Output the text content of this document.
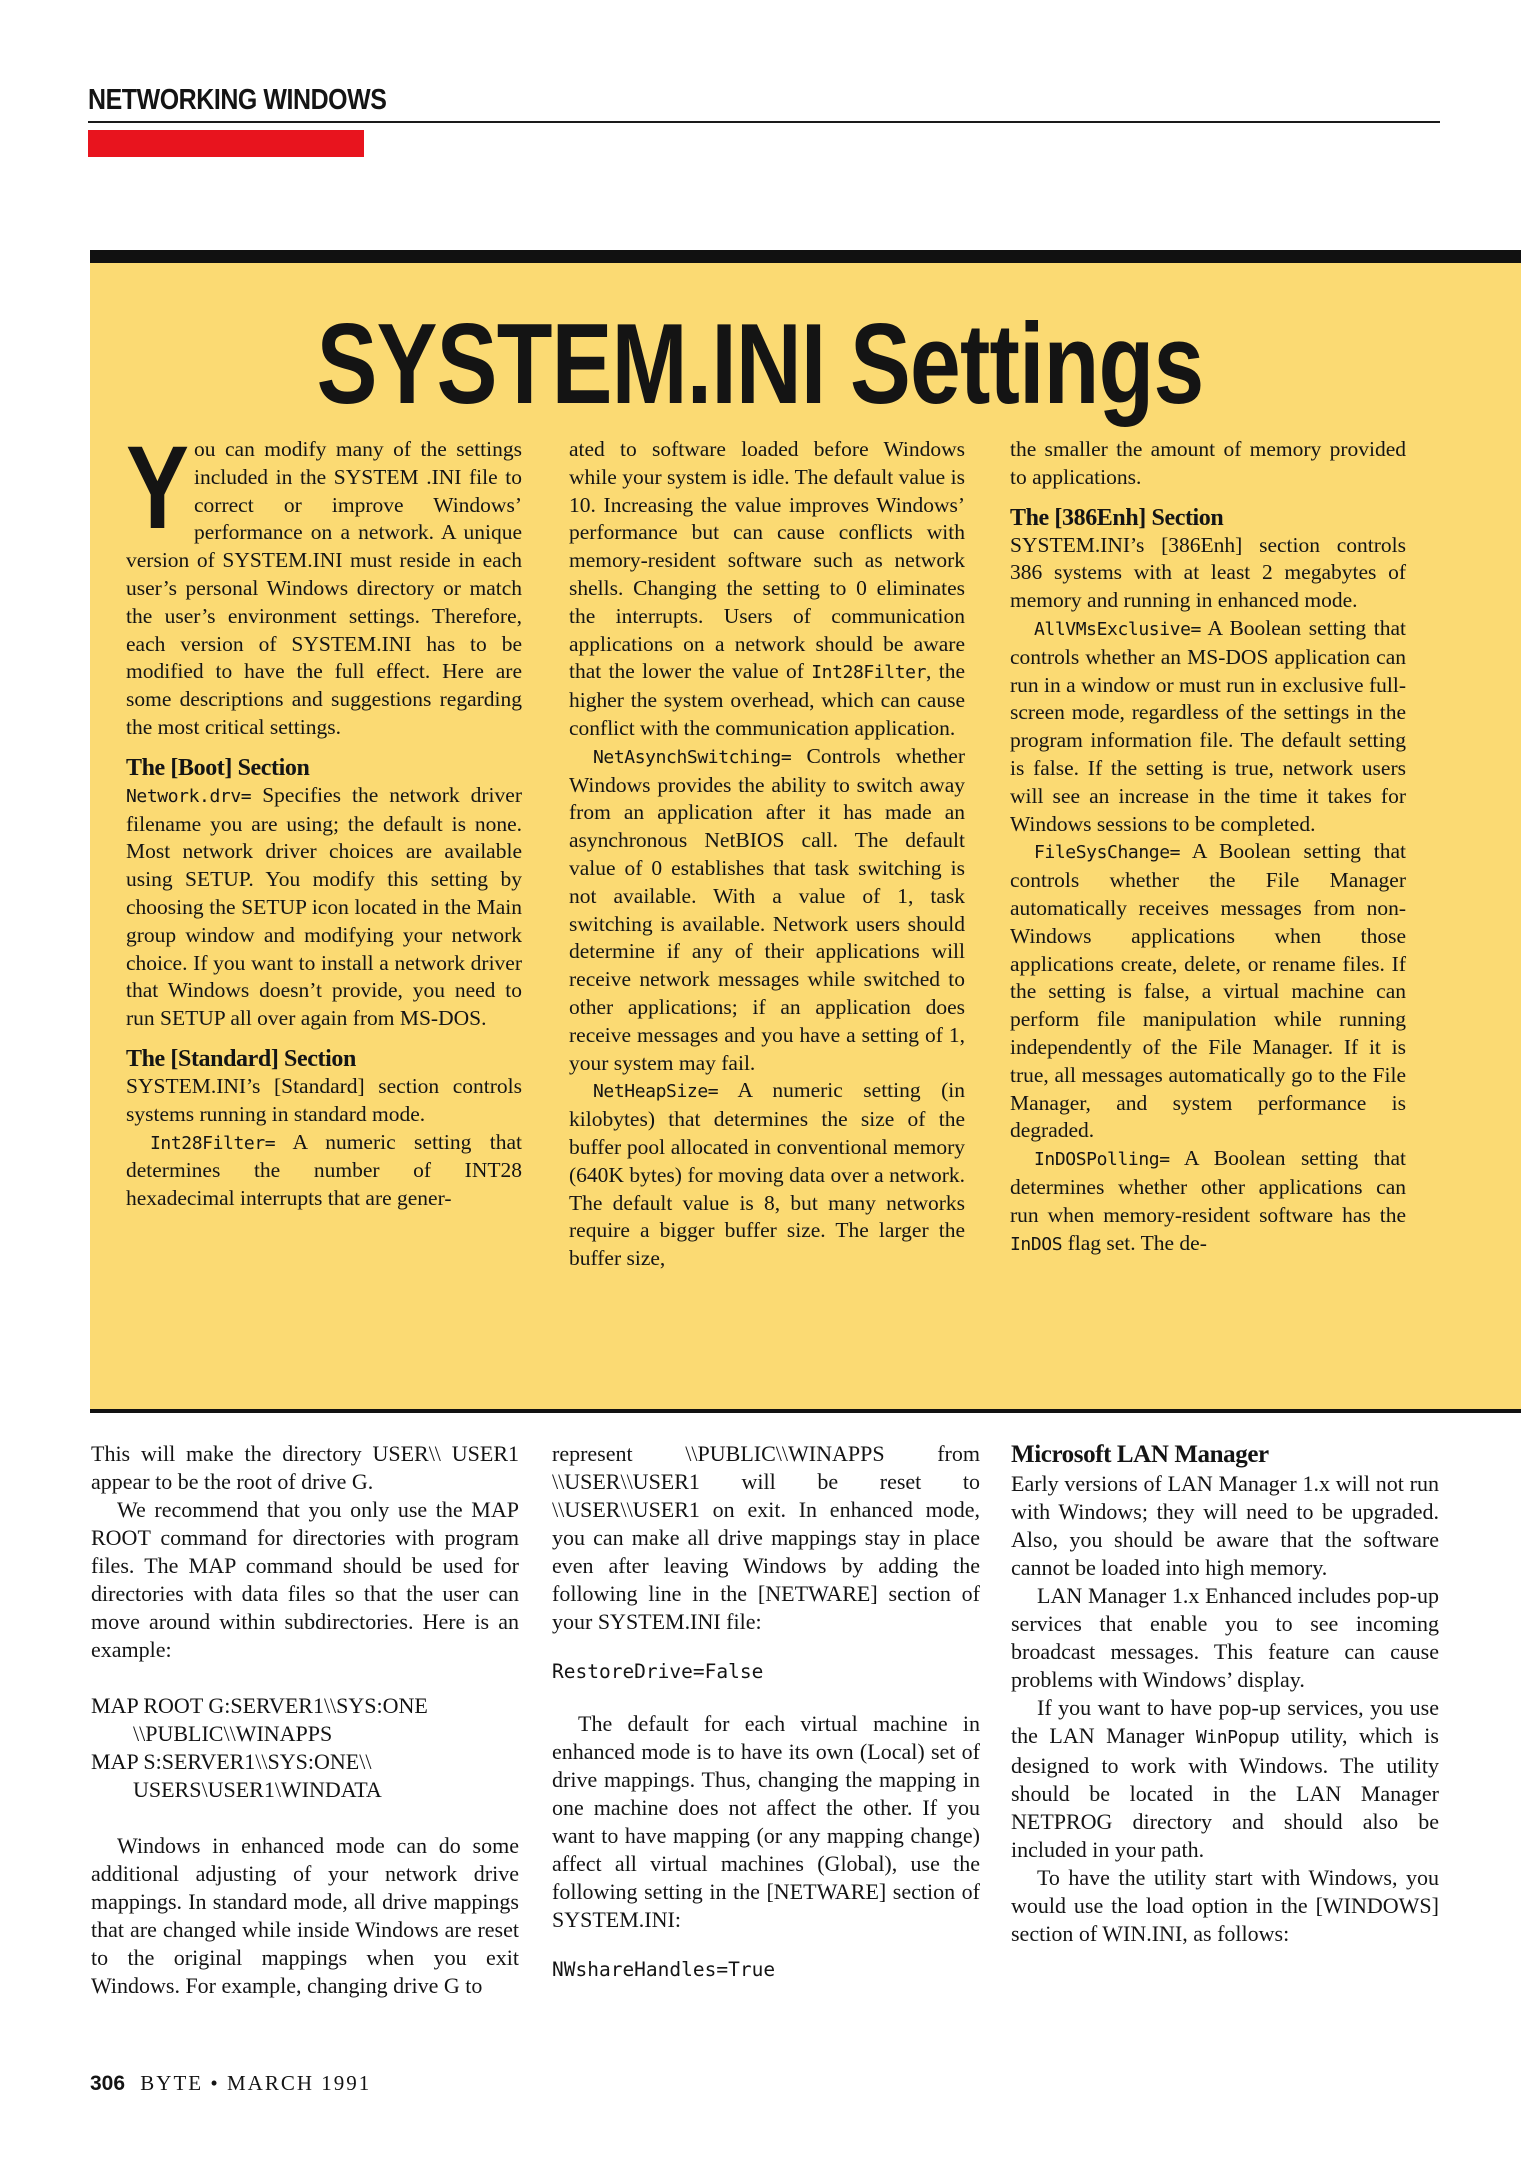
NETWORKING WINDOWS
SYSTEM.INI Settings

You can modify many of the settings included in the SYSTEM .INI file to correct or improve Windows’ performance on a network. A unique version of SYSTEM.INI must reside in each user’s personal Windows directory or match the user’s environment settings. Therefore, each version of SYSTEM.INI has to be modified to have the full effect. Here are some descriptions and suggestions regarding the most critical settings.

The [Boot] Section

Network.drv= Specifies the network driver filename you are using; the default is none. Most network driver choices are available using SETUP. You modify this setting by choosing the SETUP icon located in the Main group window and modifying your network choice. If you want to install a network driver that Windows doesn’t provide, you need to run SETUP all over again from MS-DOS.

The [Standard] Section

SYSTEM.INI’s [Standard] section controls systems running in standard mode.

Int28Filter= A numeric setting that determines the number of INT28 hexadecimal interrupts that are gener-

ated to software loaded before Windows while your system is idle. The default value is 10. Increasing the value improves Windows’ performance but can cause conflicts with memory-resident software such as network shells. Changing the setting to 0 eliminates the interrupts. Users of communication applications on a network should be aware that the lower the value of Int28Filter, the higher the system overhead, which can cause conflict with the communication application.

NetAsynchSwitching= Controls whether Windows provides the ability to switch away from an application after it has made an asynchronous NetBIOS call. The default value of 0 establishes that task switching is not available. With a value of 1, task switching is available. Network users should determine if any of their applications will receive network messages while switched to other applications; if an application does receive messages and you have a setting of 1, your system may fail.

NetHeapSize= A numeric setting (in kilobytes) that determines the size of the buffer pool allocated in conventional memory (640K bytes) for moving data over a network. The default value is 8, but many networks require a bigger buffer size. The larger the buffer size,

the smaller the amount of memory provided to applications.

The [386Enh] Section

SYSTEM.INI’s [386Enh] section controls 386 systems with at least 2 megabytes of memory and running in enhanced mode.

AllVMsExclusive= A Boolean setting that controls whether an MS-DOS application can run in a window or must run in exclusive full-screen mode, regardless of the settings in the program information file. The default setting is false. If the setting is true, network users will see an increase in the time it takes for Windows sessions to be completed.

FileSysChange= A Boolean setting that controls whether the File Manager automatically receives messages from non-Windows applications when those applications create, delete, or rename files. If the setting is false, a virtual machine can perform file manipulation while running independently of the File Manager. If it is true, all messages automatically go to the File Manager, and system performance is degraded.

InDOSPolling= A Boolean setting that determines whether other applications can run when memory-resident software has the InDOS flag set. The de-

This will make the directory USER\\ USER1 appear to be the root of drive G.

We recommend that you only use the MAP ROOT command for directories with program files. The MAP command should be used for directories with data files so that the user can move around within subdirectories. Here is an example:

MAP ROOT G:SERVER1\\SYS:ONE
\\PUBLIC\\WINAPPS
MAP S:SERVER1\\SYS:ONE\\
USERS\USER1\WINDATA

Windows in enhanced mode can do some additional adjusting of your network drive mappings. In standard mode, all drive mappings that are changed while inside Windows are reset to the original mappings when you exit Windows. For example, changing drive G to

represent \\PUBLIC\\WINAPPS from \\USER\\USER1 will be reset to \\USER\\USER1 on exit. In enhanced mode, you can make all drive mappings stay in place even after leaving Windows by adding the following line in the [NETWARE] section of your SYSTEM.INI file:

RestoreDrive=False

The default for each virtual machine in enhanced mode is to have its own (Local) set of drive mappings. Thus, changing the mapping in one machine does not affect the other. If you want to have mapping (or any mapping change) affect all virtual machines (Global), use the following setting in the [NETWARE] section of SYSTEM.INI:

NWshareHandles=True
Microsoft LAN Manager

Early versions of LAN Manager 1.x will not run with Windows; they will need to be upgraded. Also, you should be aware that the software cannot be loaded into high memory.

LAN Manager 1.x Enhanced includes pop-up services that enable you to see incoming broadcast messages. This feature can cause problems with Windows’ display.

If you want to have pop-up services, you use the LAN Manager WinPopup utility, which is designed to work with Windows. The utility should be located in the LAN Manager NETPROG directory and should also be included in your path.

To have the utility start with Windows, you would use the load option in the [WINDOWS] section of WIN.INI, as follows:

306 BYTE • MARCH 1991
